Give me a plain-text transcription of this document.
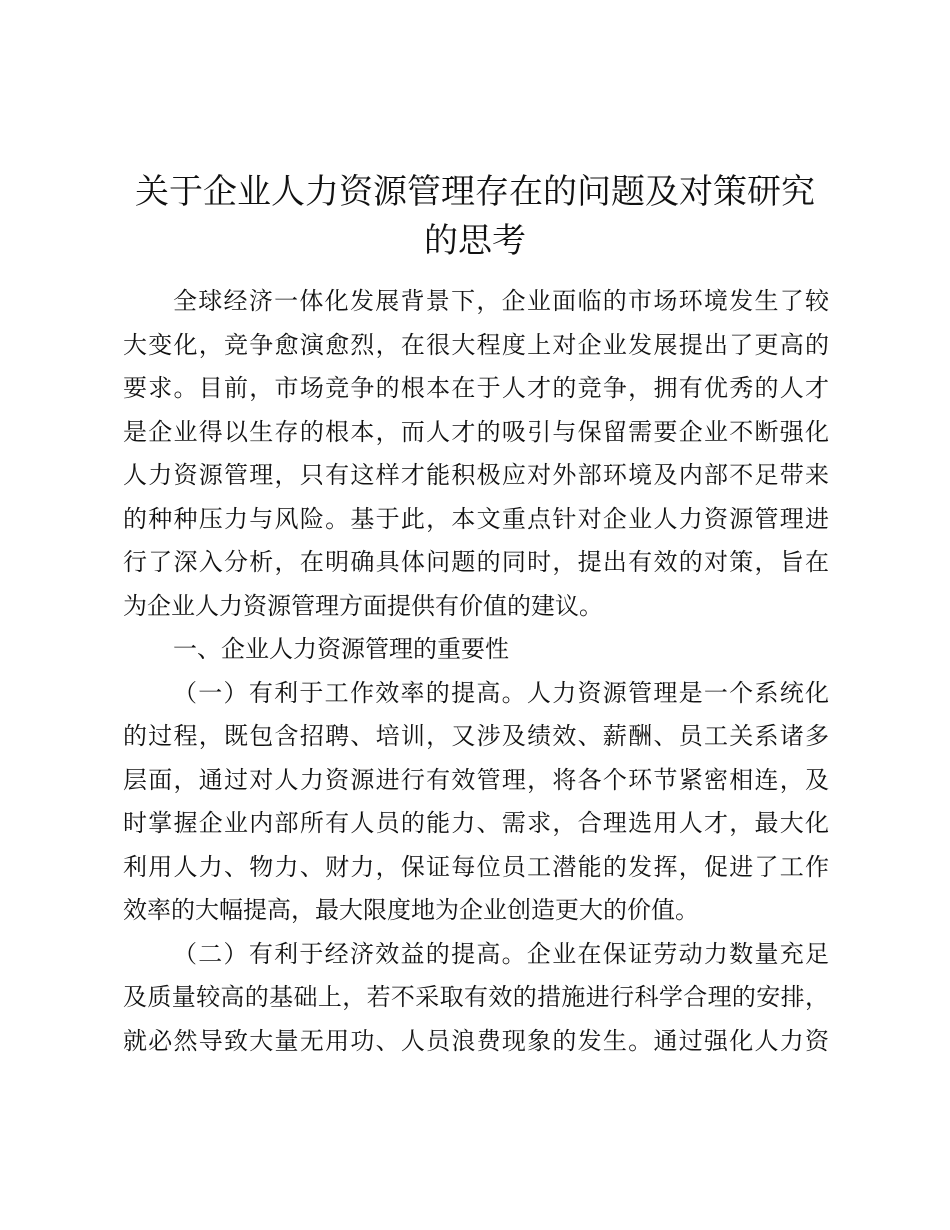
关于企业人力资源管理存在的问题及对策研究
的思考
全球经济一体化发展背景下，企业面临的市场环境发生了较
大变化，竞争愈演愈烈，在很大程度上对企业发展提出了更高的
要求。目前，市场竞争的根本在于人才的竞争，拥有优秀的人才
是企业得以生存的根本，而人才的吸引与保留需要企业不断强化
人力资源管理，只有这样才能积极应对外部环境及内部不足带来
的种种压力与风险。基于此，本文重点针对企业人力资源管理进
行了深入分析，在明确具体问题的同时，提出有效的对策，旨在
为企业人力资源管理方面提供有价值的建议。
一、企业人力资源管理的重要性
（一）有利于工作效率的提高。人力资源管理是一个系统化
的过程，既包含招聘、培训，又涉及绩效、薪酬、员工关系诸多
层面，通过对人力资源进行有效管理，将各个环节紧密相连，及
时掌握企业内部所有人员的能力、需求，合理选用人才，最大化
利用人力、物力、财力，保证每位员工潜能的发挥，促进了工作
效率的大幅提高，最大限度地为企业创造更大的价值。
（二）有利于经济效益的提高。企业在保证劳动力数量充足
及质量较高的基础上，若不采取有效的措施进行科学合理的安排，
就必然导致大量无用功、人员浪费现象的发生。通过强化人力资
